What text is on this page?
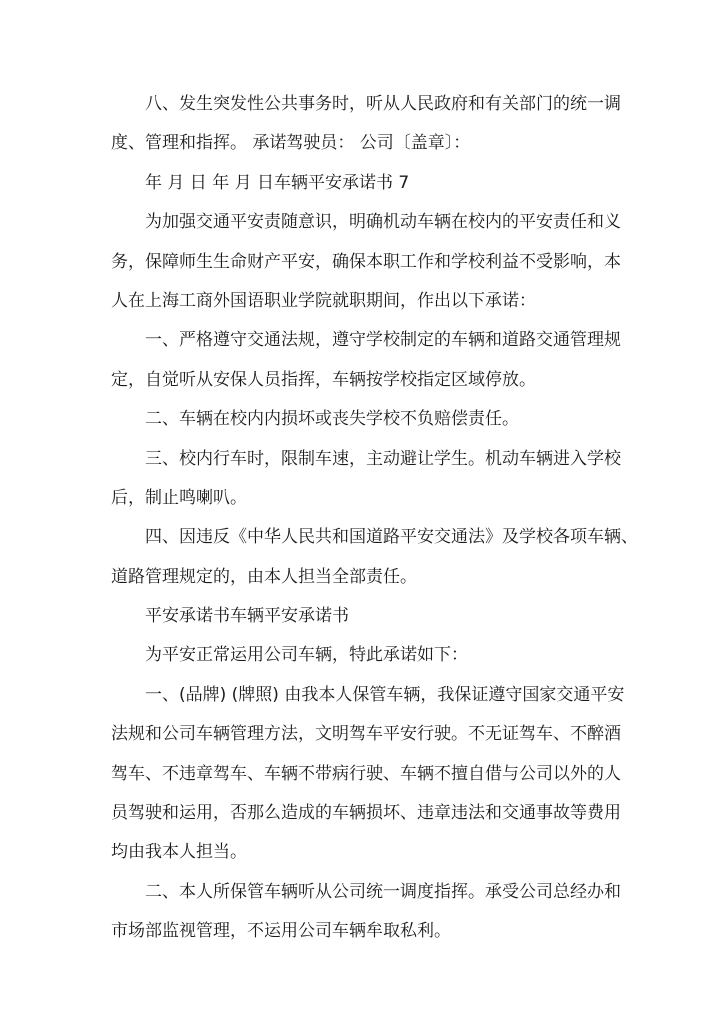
八、发生突发性公共事务时，听从人民政府和有关部门的统一调
度、管理和指挥。 承诺驾驶员： 公司〔盖章〕：
年 月 日 年 月 日车辆平安承诺书 7
为加强交通平安责随意识，明确机动车辆在校内的平安责任和义
务，保障师生生命财产平安，确保本职工作和学校利益不受影响，本
人在上海工商外国语职业学院就职期间，作出以下承诺：
一、严格遵守交通法规，遵守学校制定的车辆和道路交通管理规
定，自觉听从安保人员指挥，车辆按学校指定区域停放。
二、车辆在校内内损坏或丧失学校不负赔偿责任。
三、校内行车时，限制车速，主动避让学生。机动车辆进入学校
后，制止鸣喇叭。
四、因违反《中华人民共和国道路平安交通法》及学校各项车辆、
道路管理规定的，由本人担当全部责任。
平安承诺书车辆平安承诺书
为平安正常运用公司车辆，特此承诺如下：
一、(品牌) (牌照) 由我本人保管车辆，我保证遵守国家交通平安
法规和公司车辆管理方法，文明驾车平安行驶。不无证驾车、不醉酒
驾车、不违章驾车、车辆不带病行驶、车辆不擅自借与公司以外的人
员驾驶和运用，否那么造成的车辆损坏、违章违法和交通事故等费用
均由我本人担当。
二、本人所保管车辆听从公司统一调度指挥。承受公司总经办和
市场部监视管理，不运用公司车辆牟取私利。
